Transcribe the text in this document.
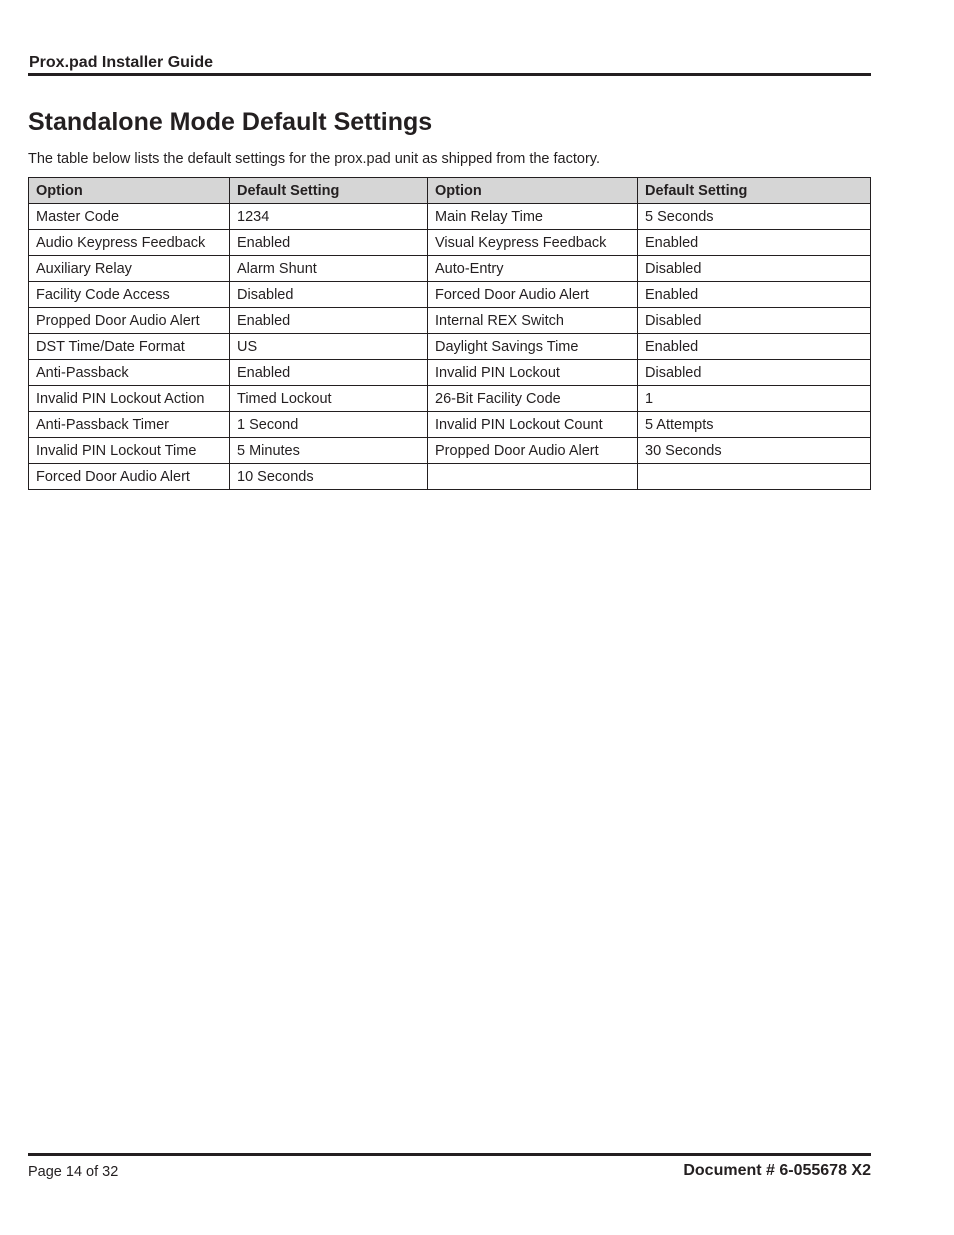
Prox.pad Installer Guide
Standalone Mode Default Settings

The table below lists the default settings for the prox.pad unit as shipped from the factory.

Option	Default Setting	Option	Default Setting
Master Code	1234	Main Relay Time	5 Seconds
Audio Keypress Feedback	Enabled	Visual Keypress Feedback	Enabled
Auxiliary Relay	Alarm Shunt	Auto-Entry	Disabled
Facility Code Access	Disabled	Forced Door Audio Alert	Enabled
Propped Door Audio Alert	Enabled	Internal REX Switch	Disabled
DST Time/Date Format	US	Daylight Savings Time	Enabled
Anti-Passback	Enabled	Invalid PIN Lockout	Disabled
Invalid PIN Lockout Action	Timed Lockout	26-Bit Facility Code	1
Anti-Passback Timer	1 Second	Invalid PIN Lockout Count	5 Attempts
Invalid PIN Lockout Time	5 Minutes	Propped Door Audio Alert	30 Seconds
Forced Door Audio Alert	10 Seconds		
Page 14 of 32	Document # 6-055678 X2
